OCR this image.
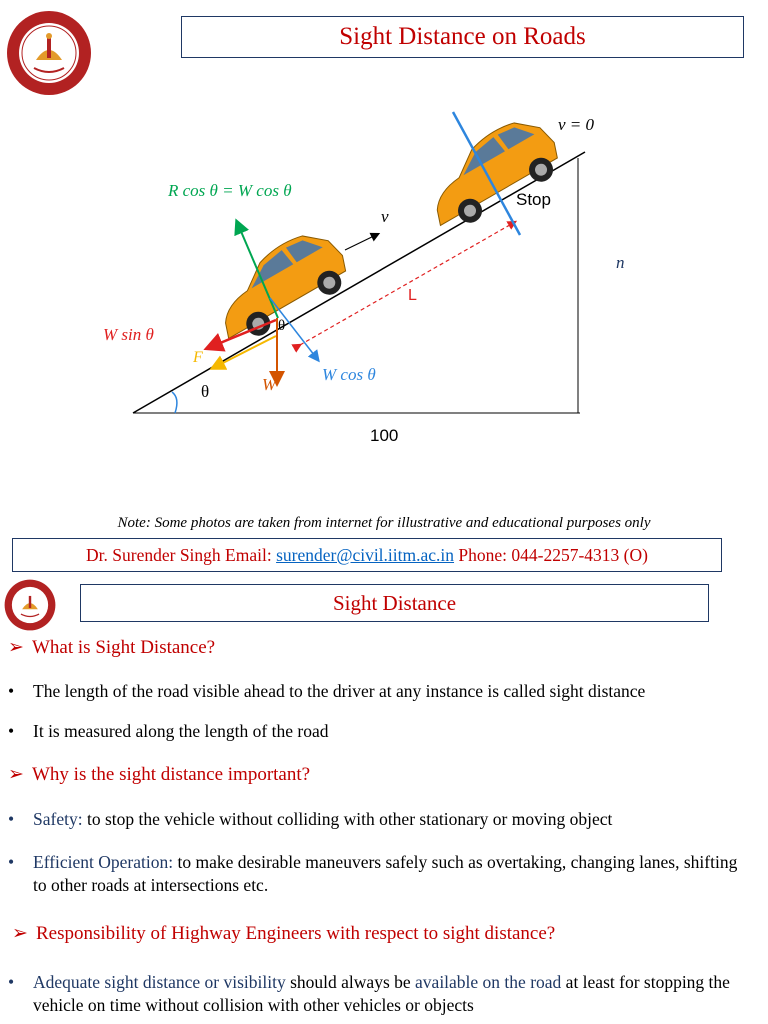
Sight Distance on Roads
v = 0
v
Stop
n
L
100
θ
θ
R cos θ = W cos θ
W sin θ
F
W
W cos θ
Note: Some photos are taken from internet for illustrative and educational purposes only
Dr. Surender Singh Email: surender@civil.iitm.ac.in Phone: 044-2257-4313 (O)
Sight Distance
➢ What is Sight Distance?
• The length of the road visible ahead to the driver at any instance is called sight distance
• It is measured along the length of the road
➢ Why is the sight distance important?
• Safety: to stop the vehicle without colliding with other stationary or moving object
• Efficient Operation: to make desirable maneuvers safely such as overtaking, changing lanes, shifting to other roads at intersections etc.
➢ Responsibility of Highway Engineers with respect to sight distance?
• Adequate sight distance or visibility should always be available on the road at least for stopping the vehicle on time without collision with other vehicles or objects
